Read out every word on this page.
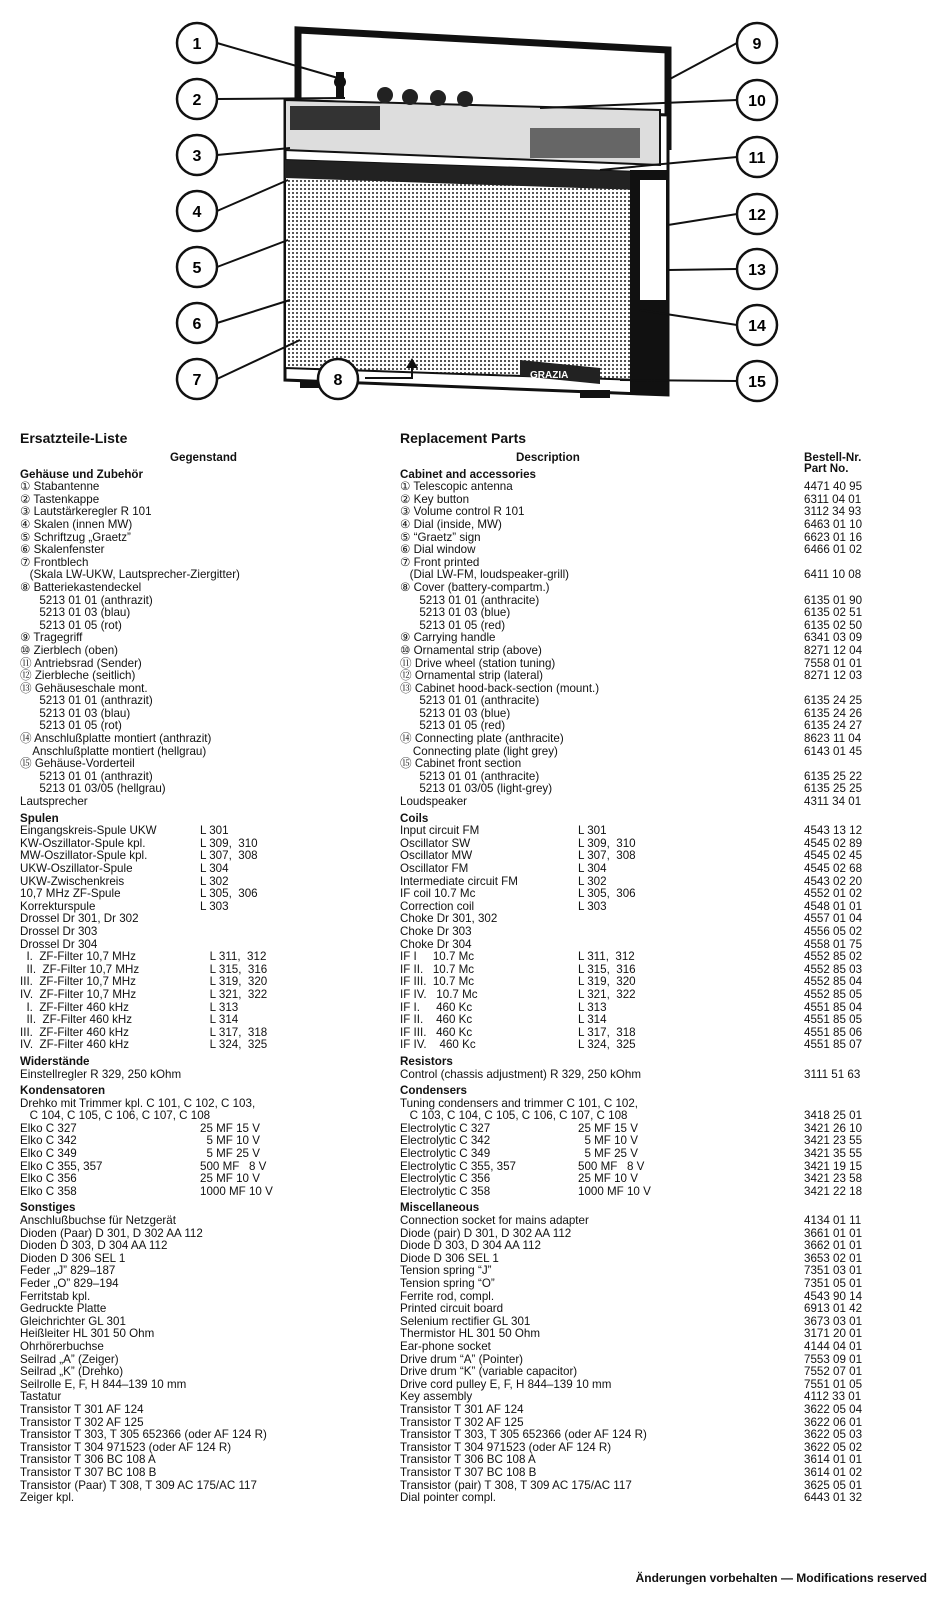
GRAZIA
1
2
3
4
5
6
7	8
9
10
11
12
13
14
15
Ersatzteile-Liste
Gegenstand
Gehäuse und Zubehör
① Stabantenne
② Tastenkappe
③ Lautstärkeregler R 101
④ Skalen (innen MW)
⑤ Schriftzug „Graetz”
⑥ Skalenfenster
⑦ Frontblech
(Skala LW-UKW, Lautsprecher-Ziergitter)
⑧ Batteriekastendeckel
5213 01 01 (anthrazit)
5213 01 03 (blau)
5213 01 05 (rot)
⑨ Tragegriff
⑩ Zierblech (oben)
⑪ Antriebsrad (Sender)
⑫ Zierbleche (seitlich)
⑬ Gehäuseschale mont.
5213 01 01 (anthrazit)
5213 01 03 (blau)
5213 01 05 (rot)
⑭ Anschlußplatte montiert (anthrazit)
Anschlußplatte montiert (hellgrau)
⑮ Gehäuse-Vorderteil
5213 01 01 (anthrazit)
5213 01 03/05 (hellgrau)
Lautsprecher
Spulen
Eingangskreis-Spule UKW	L 301
KW-Oszillator-Spule kpl.	L 309,  310
MW-Oszillator-Spule kpl.	L 307,  308
UKW-Oszillator-Spule	L 304
UKW-Zwischenkreis	L 302
10,7 MHz ZF-Spule	L 305,  306
Korrekturspule	L 303
Drossel Dr 301, Dr 302
Drossel Dr 303
Drossel Dr 304
I.  ZF-Filter 10,7 MHz	L 311,  312
II.  ZF-Filter 10,7 MHz	L 315,  316
III.  ZF-Filter 10,7 MHz	L 319,  320
IV.  ZF-Filter 10,7 MHz	L 321,  322
I.  ZF-Filter 460 kHz	L 313
II.  ZF-Filter 460 kHz	L 314
III.  ZF-Filter 460 kHz	L 317,  318
IV.  ZF-Filter 460 kHz	L 324,  325
Widerstände
Einstellregler R 329, 250 kOhm
Kondensatoren
Drehko mit Trimmer kpl. C 101, C 102, C 103,
C 104, C 105, C 106, C 107, C 108
Elko C 327	25 MF 15 V
Elko C 342	5 MF 10 V
Elko C 349	5 MF 25 V
Elko C 355, 357	500 MF   8 V
Elko C 356	25 MF 10 V
Elko C 358	1000 MF 10 V
Sonstiges
Anschlußbuchse für Netzgerät
Dioden (Paar) D 301, D 302 AA 112
Dioden D 303, D 304 AA 112
Dioden D 306 SEL 1
Feder „J” 829–187
Feder „O” 829–194
Ferritstab kpl.
Gedruckte Platte
Gleichrichter GL 301
Heißleiter HL 301 50 Ohm
Ohrhörerbuchse
Seilrad „A” (Zeiger)
Seilrad „K” (Drehko)
Seilrolle E, F, H 844–139 10 mm
Tastatur
Transistor T 301 AF 124
Transistor T 302 AF 125
Transistor T 303, T 305 652366 (oder AF 124 R)
Transistor T 304 971523 (oder AF 124 R)
Transistor T 306 BC 108 A
Transistor T 307 BC 108 B
Transistor (Paar) T 308, T 309 AC 175/AC 117
Zeiger kpl.
Replacement Parts
Description	Bestell-Nr.
Part No.
Cabinet and accessories
① Telescopic antenna	4471 40 95
② Key button	6311 04 01
③ Volume control R 101	3112 34 93
④ Dial (inside, MW)	6463 01 10
⑤ “Graetz” sign	6623 01 16
⑥ Dial window	6466 01 02
⑦ Front printed
(Dial LW-FM, loudspeaker-grill)	6411 10 08
⑧ Cover (battery-compartm.)
5213 01 01 (anthracite)	6135 01 90
5213 01 03 (blue)	6135 02 51
5213 01 05 (red)	6135 02 50
⑨ Carrying handle	6341 03 09
⑩ Ornamental strip (above)	8271 12 04
⑪ Drive wheel (station tuning)	7558 01 01
⑫ Ornamental strip (lateral)	8271 12 03
⑬ Cabinet hood-back-section (mount.)
5213 01 01 (anthracite)	6135 24 25
5213 01 03 (blue)	6135 24 26
5213 01 05 (red)	6135 24 27
⑭ Connecting plate (anthracite)	8623 11 04
Connecting plate (light grey)	6143 01 45
⑮ Cabinet front section
5213 01 01 (anthracite)	6135 25 22
5213 01 03/05 (light-grey)	6135 25 25
Loudspeaker	4311 34 01
Coils
Input circuit FM	L 301	4543 13 12
Oscillator SW	L 309,  310	4545 02 89
Oscillator MW	L 307,  308	4545 02 45
Oscillator FM	L 304	4545 02 68
Intermediate circuit FM	L 302	4543 02 20
IF coil 10.7 Mc	L 305,  306	4552 01 02
Correction coil	L 303	4548 01 01
Choke Dr 301, 302	4557 01 04
Choke Dr 303	4556 05 02
Choke Dr 304	4558 01 75
IF I     10.7 Mc	L 311,  312	4552 85 02
IF II.   10.7 Mc	L 315,  316	4552 85 03
IF III.  10.7 Mc	L 319,  320	4552 85 04
IF IV.   10.7 Mc	L 321,  322	4552 85 05
IF I.     460 Kc	L 313	4551 85 04
IF II.    460 Kc	L 314	4551 85 05
IF III.   460 Kc	L 317,  318	4551 85 06
IF IV.    460 Kc	L 324,  325	4551 85 07
Resistors
Control (chassis adjustment) R 329, 250 kOhm	3111 51 63
Condensers
Tuning condensers and trimmer C 101, C 102,
C 103, C 104, C 105, C 106, C 107, C 108	3418 25 01
Electrolytic C 327	25 MF 15 V	3421 26 10
Electrolytic C 342	5 MF 10 V	3421 23 55
Electrolytic C 349	5 MF 25 V	3421 35 55
Electrolytic C 355, 357	500 MF   8 V	3421 19 15
Electrolytic C 356	25 MF 10 V	3421 23 58
Electrolytic C 358	1000 MF 10 V	3421 22 18
Miscellaneous
Connection socket for mains adapter	4134 01 11
Diode (pair) D 301, D 302 AA 112	3661 01 01
Diode D 303, D 304 AA 112	3662 01 01
Diode D 306 SEL 1	3653 02 01
Tension spring “J”	7351 03 01
Tension spring “O”	7351 05 01
Ferrite rod, compl.	4543 90 14
Printed circuit board	6913 01 42
Selenium rectifier GL 301	3673 03 01
Thermistor HL 301 50 Ohm	3171 20 01
Ear-phone socket	4144 04 01
Drive drum “A” (Pointer)	7553 09 01
Drive drum “K” (variable capacitor)	7552 07 01
Drive cord pulley E, F, H 844–139 10 mm	7551 01 05
Key assembly	4112 33 01
Transistor T 301 AF 124	3622 05 04
Transistor T 302 AF 125	3622 06 01
Transistor T 303, T 305 652366 (oder AF 124 R)	3622 05 03
Transistor T 304 971523 (oder AF 124 R)	3622 05 02
Transistor T 306 BC 108 A	3614 01 01
Transistor T 307 BC 108 B	3614 01 02
Transistor (pair) T 308, T 309 AC 175/AC 117	3625 05 01
Dial pointer compl.	6443 01 32
Änderungen vorbehalten — Modifications reserved
